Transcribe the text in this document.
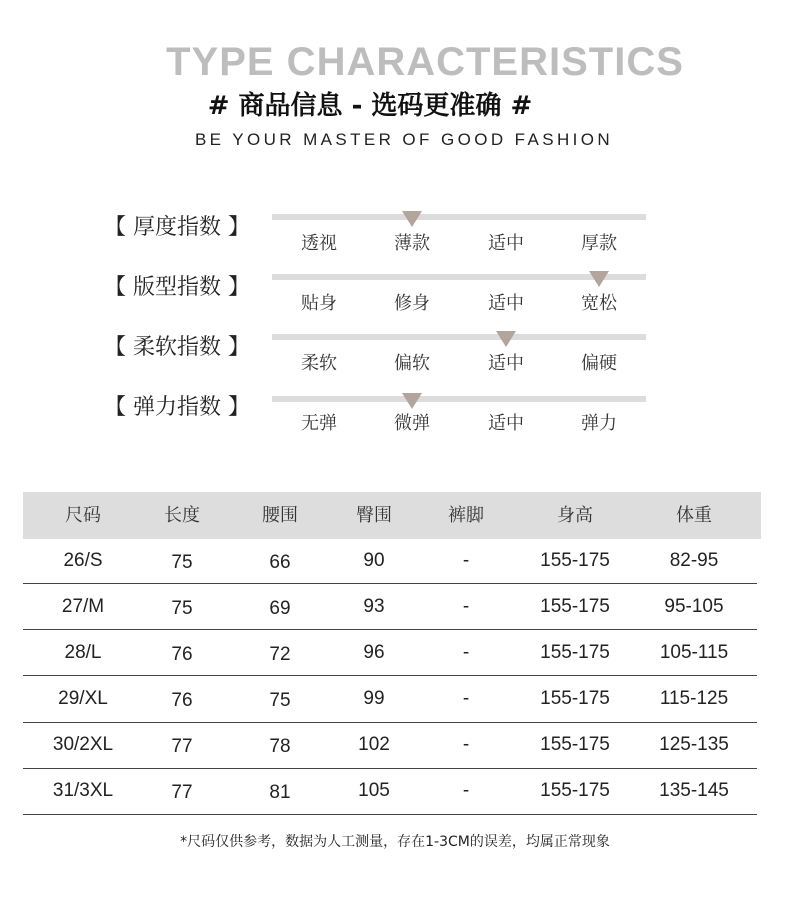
TYPE CHARACTERISTICS
# 商品信息 - 选码更准确 #
BE YOUR MASTER OF GOOD FASHION
【 厚度指数 】
透视	薄款	适中	厚款
【 版型指数 】
贴身	修身	适中	宽松
【 柔软指数 】
柔软	偏软	适中	偏硬
【 弹力指数 】
无弹	微弹	适中	弹力
尺码	长度	腰围	臀围	裤脚	身高	体重
26/S	75	66	90	-	155-175	82-95
27/M	75	69	93	-	155-175	95-105
28/L	76	72	96	-	155-175	105-115
29/XL	76	75	99	-	155-175	115-125
30/2XL	77	78	102	-	155-175	125-135
31/3XL	77	81	105	-	155-175	135-145
*尺码仅供参考，数据为人工测量，存在1-3CM的误差，均属正常现象
